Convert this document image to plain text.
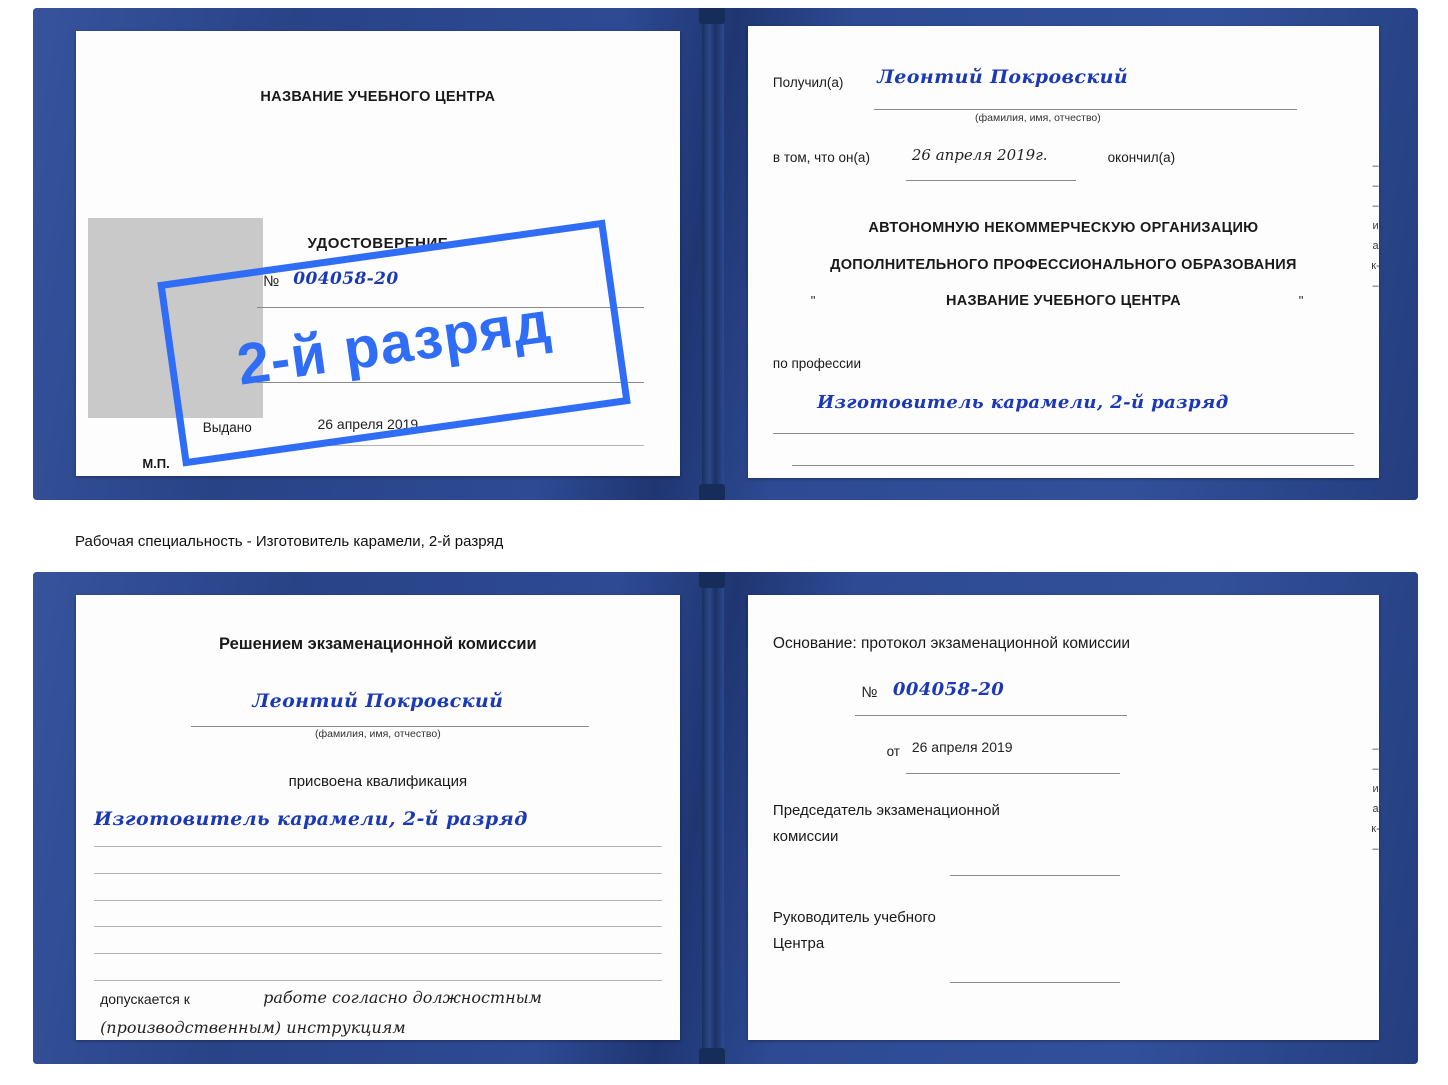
НАЗВАНИЕ УЧЕБНОГО ЦЕНТРА
УДОСТОВЕРЕНИЕ
№ 004058-20
Выдано	26 апреля 2019
М.П.
Получил(а) Леонтий Покровский
(фамилия, имя, отчество)
в том, что он(а)	26 апреля 2019г.	окончил(а)
АВТОНОМНУЮ НЕКОММЕРЧЕСКУЮ ОРГАНИЗАЦИЮ
ДОПОЛНИТЕЛЬНОГО ПРОФЕССИОНАЛЬНОГО ОБРАЗОВАНИЯ
"	НАЗВАНИЕ УЧЕБНОГО ЦЕНТРА	"
по профессии
Изготовитель карамели, 2-й разряд
–
–
–
и
а
к-
–
2-й разряд
Рабочая специальность - Изготовитель карамели, 2-й разряд
Решением экзаменационной комиссии
Леонтий Покровский
(фамилия, имя, отчество)
присвоена квалификация
Изготовитель карамели, 2-й разряд
допускается к	работе согласно должностным
(производственным) инструкциям
Основание: протокол экзаменационной комиссии
№ 004058-20
от 26 апреля 2019
Председатель экзаменационной
комиссии
Руководитель учебного
Центра
–
–
и
а
к-
–
